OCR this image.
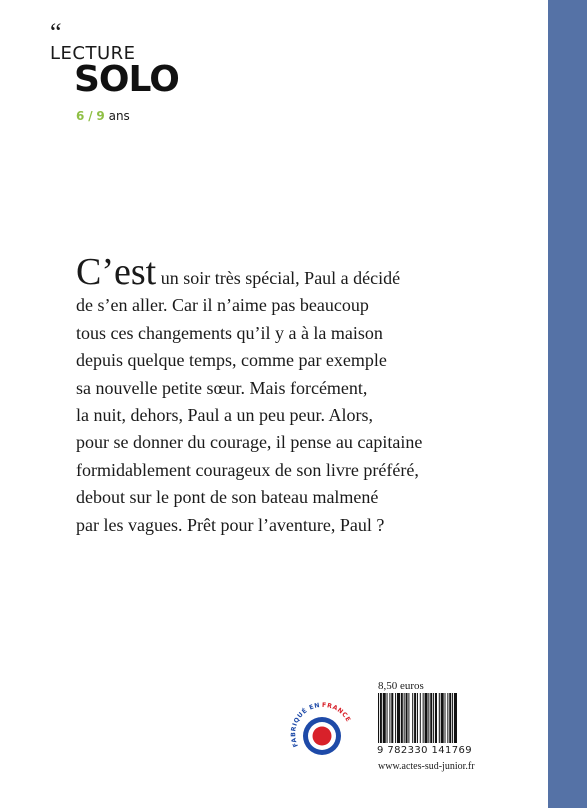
“
LECTURE
SOLO
6 / 9 ans
C’est un soir très spécial, Paul a décidé
de s’en aller. Car il n’aime pas beaucoup
tous ces changements qu’il y a à la maison
depuis quelque temps, comme par exemple
sa nouvelle petite sœur. Mais forcément,
la nuit, dehors, Paul a un peu peur. Alors,
pour se donner du courage, il pense au capitaine
formidablement courageux de son livre préféré,
debout sur le pont de son bateau malmené
par les vagues. Prêt pour l’aventure, Paul ?
FABRIQUÉ EN FRANCE
8,50 euros
9 782330 141769
www.actes-sud-junior.fr
